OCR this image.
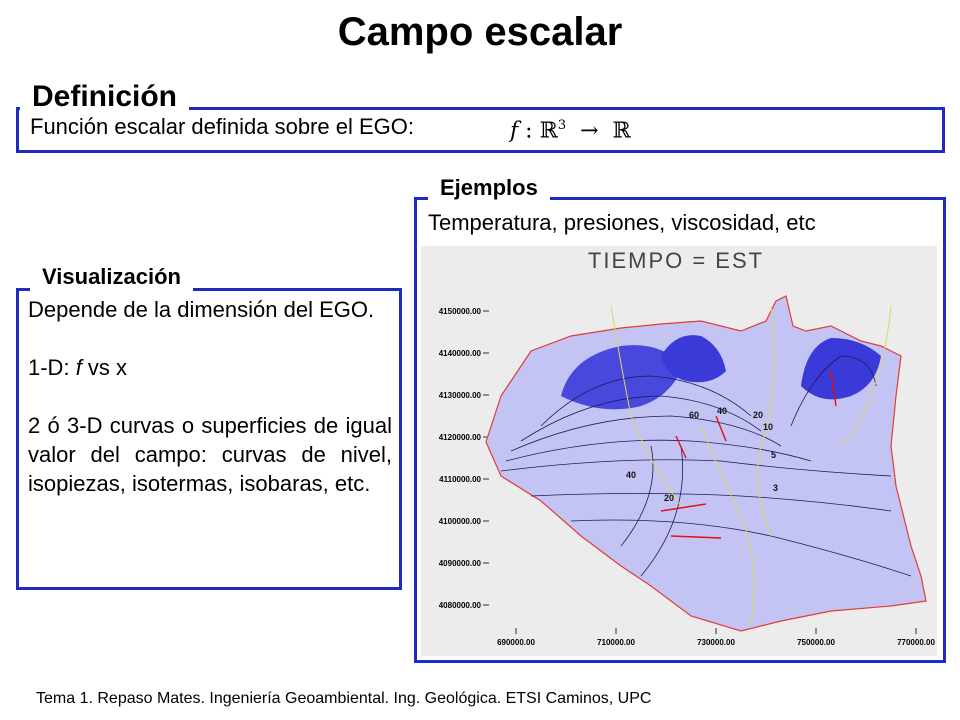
Campo escalar
Definición
Función escalar definida sobre el EGO:	f : ℝ$^3$  →  ℝ
Ejemplos
Temperatura, presiones, viscosidad, etc
TIEMPO = EST
4150000.00
4140000.00
4130000.00
4120000.00
4110000.00
4100000.00
4090000.00
4080000.00
690000.00	710000.00	730000.00	750000.00	770000.00
60 40	20
10
5
3
40
20
Visualización

Depende de la dimensión del EGO.

1-D: f vs x

2 ó 3-D curvas o superficies de igual valor del campo: curvas de nivel, isopiezas, isotermas, isobaras, etc.

Tema 1. Repaso Mates. Ingeniería Geoambiental. Ing. Geológica. ETSI Caminos, UPC
